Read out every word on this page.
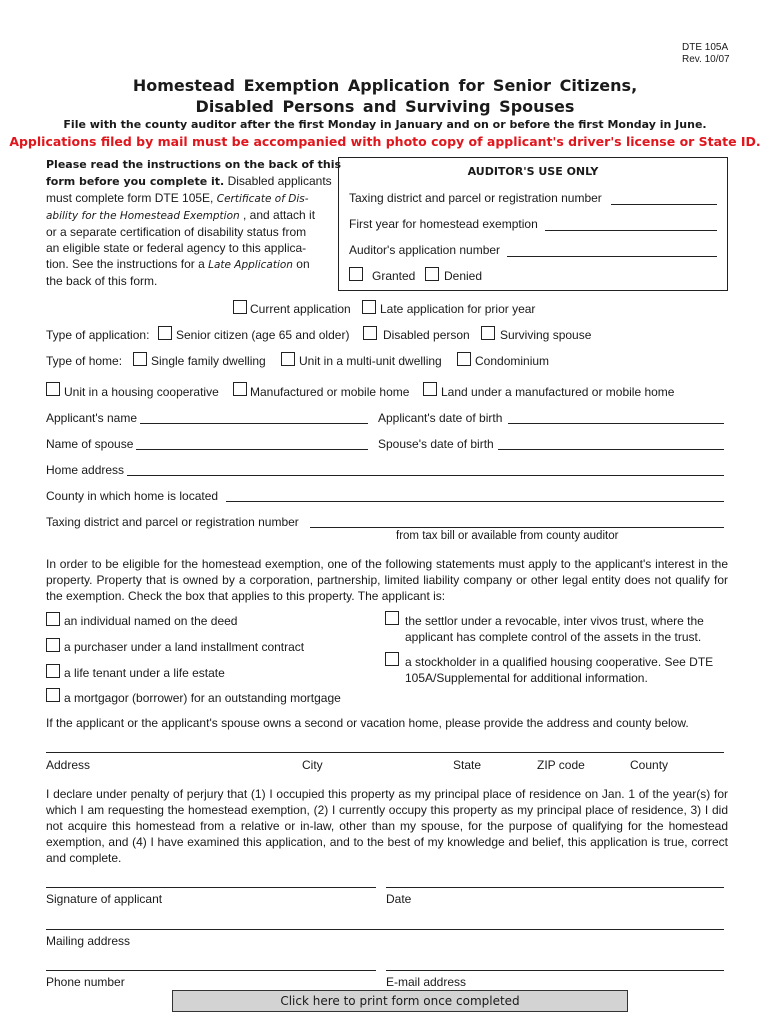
DTE 105A
Rev. 10/07
Homestead Exemption Application for Senior Citizens,
Disabled Persons and Surviving Spouses
File with the county auditor after the first Monday in January and on or before the first Monday in June.
Applications filed by mail must be accompanied with photo copy of applicant's driver's license or State ID.
Please read the instructions on the back of this
form before you complete it. Disabled applicants
must complete form DTE 105E, Certificate of Dis-
ability for the Homestead Exemption , and attach it
or a separate certification of disability status from
an eligible state or federal agency to this applica-
tion. See the instructions for a Late Application on
the back of this form.
AUDITOR'S USE ONLY
Taxing district and parcel or registration number
First year for homestead exemption
Auditor's application number
Granted Denied
Current application Late application for prior year
Type of application: Senior citizen (age 65 and older)	Disabled person	Surviving spouse
Type of home: Single family dwelling	Unit in a multi-unit dwelling	Condominium
Unit in a housing cooperative	Manufactured or mobile home	Land under a manufactured or mobile home
Applicant's name	Applicant's date of birth
Name of spouse	Spouse's date of birth
Home address
County in which home is located
Taxing district and parcel or registration number
from tax bill or available from county auditor
In order to be eligible for the homestead exemption, one of the following statements must apply to the applicant's interest in the property. Property that is owned by a corporation, partnership, limited liability company or other legal entity does not qualify for the exemption. Check the box that applies to this property. The applicant is:
an individual named on the deed
a purchaser under a land installment contract
a life tenant under a life estate
a mortgagor (borrower) for an outstanding mortgage
the settlor under a revocable, inter vivos trust, where the
applicant has complete control of the assets in the trust.
a stockholder in a qualified housing cooperative. See DTE
105A/Supplemental for additional information.
If the applicant or the applicant's spouse owns a second or vacation home, please provide the address and county below.
Address	City	State	ZIP code	County
I declare under penalty of perjury that (1) I occupied this property as my principal place of residence on Jan. 1 of the year(s) for which I am requesting the homestead exemption, (2) I currently occupy this property as my principal place of residence, 3) I did not acquire this homestead from a relative or in-law, other than my spouse, for the purpose of qualifying for the homestead exemption, and (4) I have examined this application, and to the best of my knowledge and belief, this application is true, correct and complete.
Signature of applicant	Date
Mailing address
Phone number	E-mail address
Click here to print form once completed
